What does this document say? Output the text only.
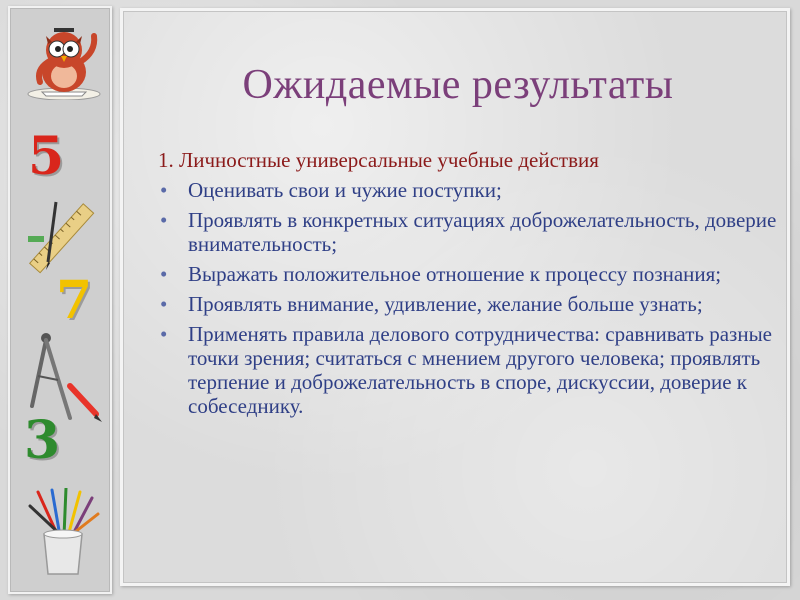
5
7
3
Ожидаемые результаты
1. Личностные универсальные учебные действия
• Оценивать свои и чужие поступки;
• Проявлять в конкретных ситуациях доброжелательность, доверие внимательность;
• Выражать положительное отношение к процессу познания;
• Проявлять внимание, удивление, желание больше узнать;
• Применять правила делового сотрудничества: сравнивать разные точки зрения; считаться с мнением другого человека; проявлять терпение и доброжелательность в споре, дискуссии, доверие к собеседнику.
